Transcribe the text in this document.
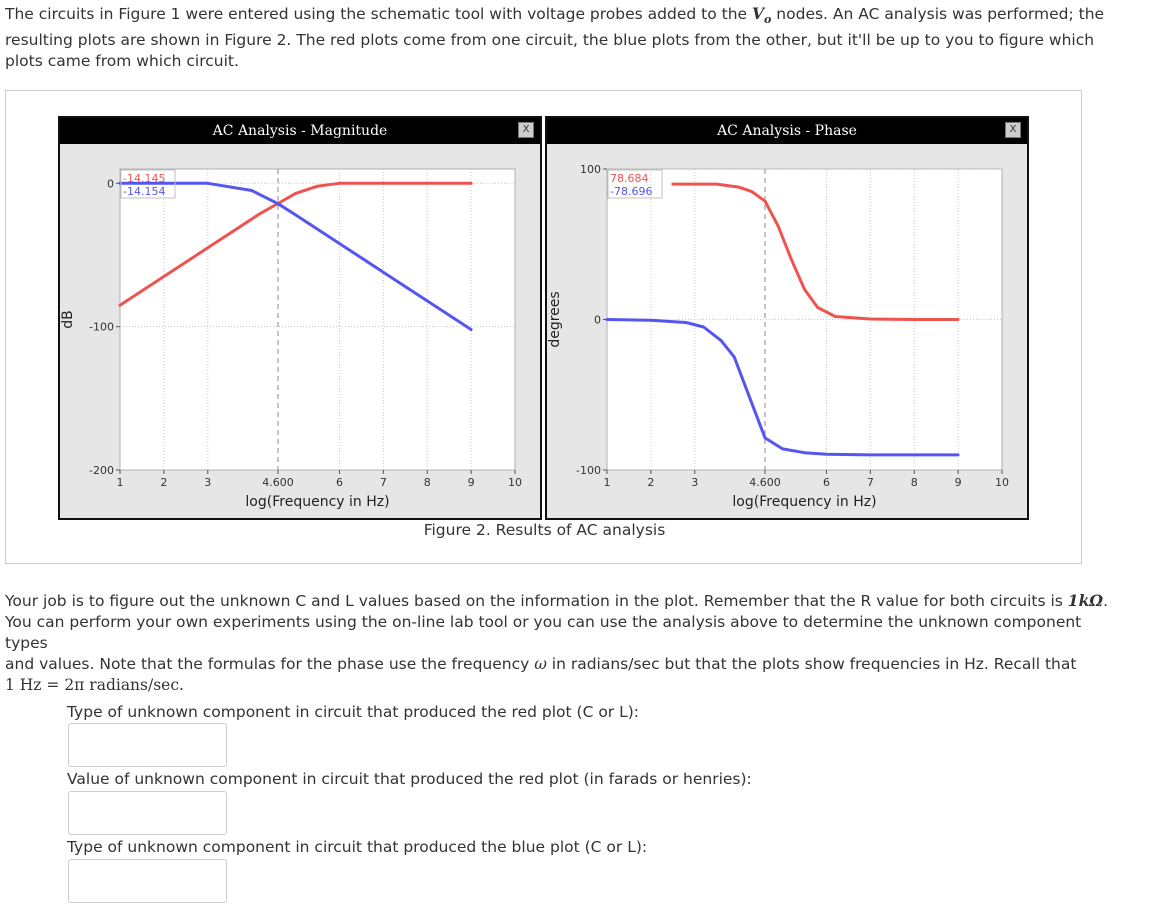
The circuits in Figure 1 were entered using the schematic tool with voltage probes added to the $V_o$ nodes. An AC analysis was performed; the
resulting plots are shown in Figure 2. The red plots come from one circuit, the blue plots from the other, but it'll be up to you to figure which
plots came from which circuit.

AC Analysis - Magnitude	X
1	2	3	4.600	6	7	8	9	10
0
-100
-200
log(Frequency in Hz)
dB
-14.145
-14.154
AC Analysis - Phase	X
1	2	3	4.600	6	7	8	9	10
100
0
-100
log(Frequency in Hz)
degrees
78.684
-78.696
Figure 2. Results of AC analysis

Your job is to figure out the unknown C and L values based on the information in the plot. Remember that the R value for both circuits is 1kΩ.
You can perform your own experiments using the on-line lab tool or you can use the analysis above to determine the unknown component types
and values. Note that the formulas for the phase use the frequency ω in radians/sec but that the plots show frequencies in Hz. Recall that
1 Hz = 2π radians/sec.

Type of unknown component in circuit that produced the red plot (C or L):
Value of unknown component in circuit that produced the red plot (in farads or henries):
Type of unknown component in circuit that produced the blue plot (C or L):
